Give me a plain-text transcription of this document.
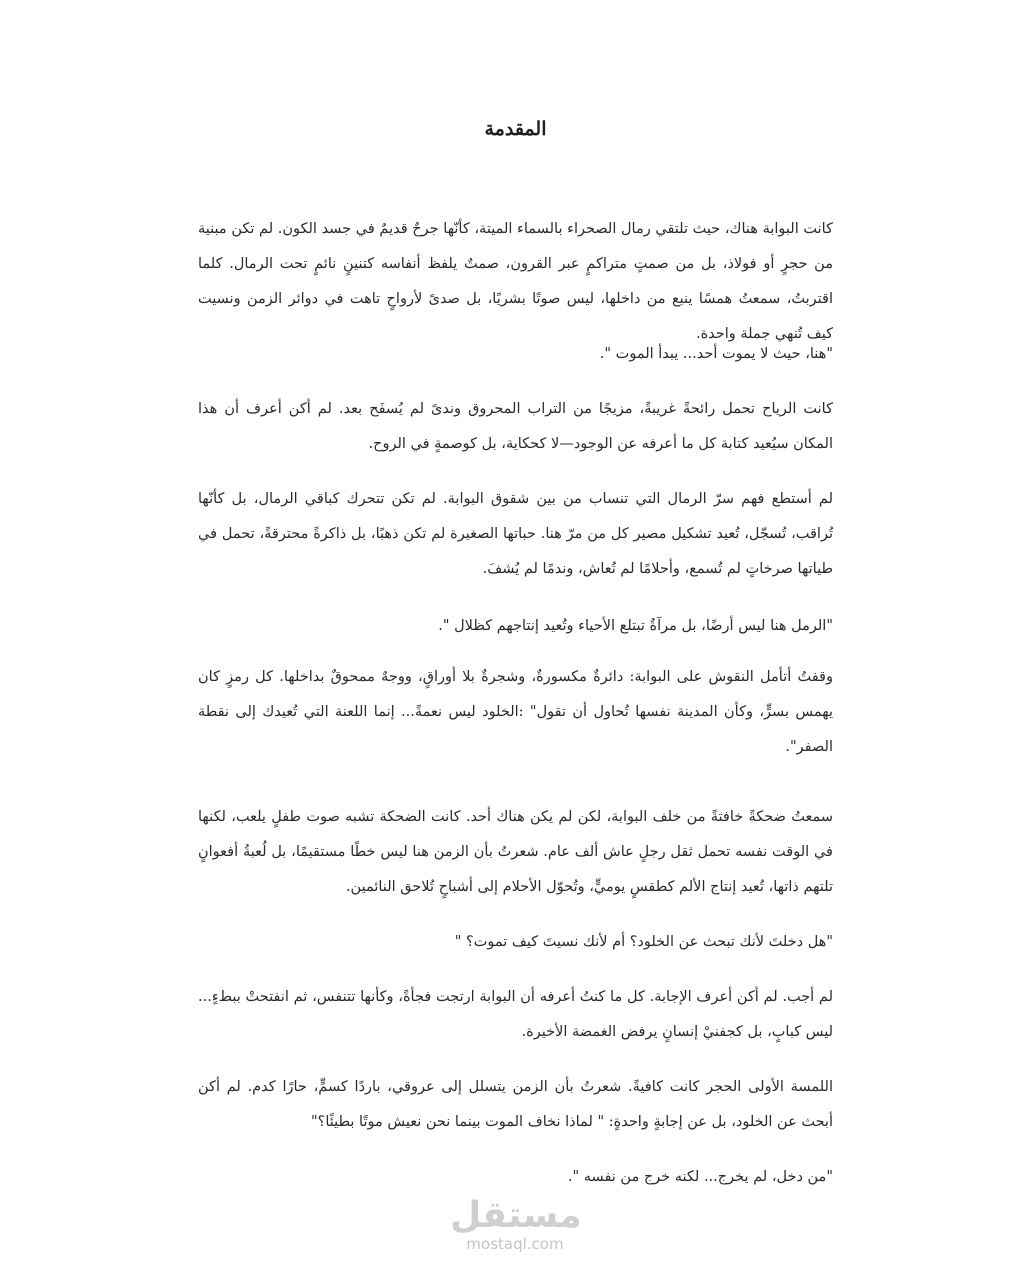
المقدمة
كانت البوابة هناك، حيث تلتقي رمال الصحراء بالسماء الميتة، كأنّها جرحٌ قديمٌ في جسد الكون. لم تكن مبنية من حجرٍ أو فولاذ، بل من صمتٍ متراكمٍ عبر القرون، صمتٌ يلفظ أنفاسه كتنينٍ نائمٍ تحت الرمال. كلما اقتربتُ، سمعتُ همسًا ينبع من داخلها، ليس صوتًا بشريًا، بل صدىً لأرواحٍ تاهت في دوائر الزمن ونسيت كيف تُنهي جملة واحدة.
"هنا، حيث لا يموت أحد... يبدأ الموت ".
كانت الرياح تحمل رائحةً غريبةً، مزيجًا من التراب المحروق وندىً لم يُسفَح بعد. لم أكن أعرف أن هذا المكان سيُعيد كتابة كل ما أعرفه عن الوجود—لا كحكاية، بل كوصمةٍ في الروح.
لم أستطع فهم سرّ الرمال التي تنساب من بين شقوق البوابة. لم تكن تتحرك كباقي الرمال، بل كأنّها تُراقب، تُسجّل، تُعيد تشكيل مصير كل من مرّ هنا. حباتها الصغيرة لم تكن ذهبًا، بل ذاكرةً محترقةً، تحمل في طياتها صرخاتٍ لم تُسمع، وأحلامًا لم تُعاش، وندمًا لم يُشفَ.
"الرمل هنا ليس أرضًا، بل مرآةٌ تبتلع الأحياء وتُعيد إنتاجهم كظلال ".
وقفتُ أتأمل النقوش على البوابة: دائرةٌ مكسورةٌ، وشجرةٌ بلا أوراقٍ، ووجهٌ ممحوقٌ بداخلها. كل رمزٍ كان يهمس بسرٍّ، وكأن المدينة نفسها تُحاول أن تقول" :الخلود ليس نعمةً... إنما اللعنة التي تُعيدك إلى نقطة الصفر".
سمعتُ ضحكةً خافتةً من خلف البوابة، لكن لم يكن هناك أحد. كانت الضحكة تشبه صوت طفلٍ يلعب، لكنها في الوقت نفسه تحمل ثقل رجلٍ عاش ألف عام. شعرتُ بأن الزمن هنا ليس خطًا مستقيمًا، بل لُعبةُ أفعوانٍ تلتهم ذاتها، تُعيد إنتاج الألم كطقسٍ يوميٍّ، وتُحوّل الأحلام إلى أشباحٍ تُلاحق النائمين.
"هل دخلتَ لأنك تبحث عن الخلود؟ أم لأنك نسيتَ كيف تموت؟ "
لم أجب. لم أكن أعرف الإجابة. كل ما كنتُ أعرفه أن البوابة ارتجت فجأةً، وكأنها تتنفس، ثم انفتحتْ ببطءٍ... ليس كبابٍ، بل كجفنيْ إنسانٍ يرفض الغمضة الأخيرة.
اللمسة الأولى الحجر كانت كافيةً. شعرتُ بأن الزمن يتسلل إلى عروقي، باردًا كسمٍّ، حارًا كدم. لم أكن أبحث عن الخلود، بل عن إجابةٍ واحدةٍ: " لماذا نخاف الموت بينما نحن نعيش موتًا بطيئًا؟"
"من دخل، لم يخرج... لكنه خرج من نفسه ".
مستقل
mostaql.com
